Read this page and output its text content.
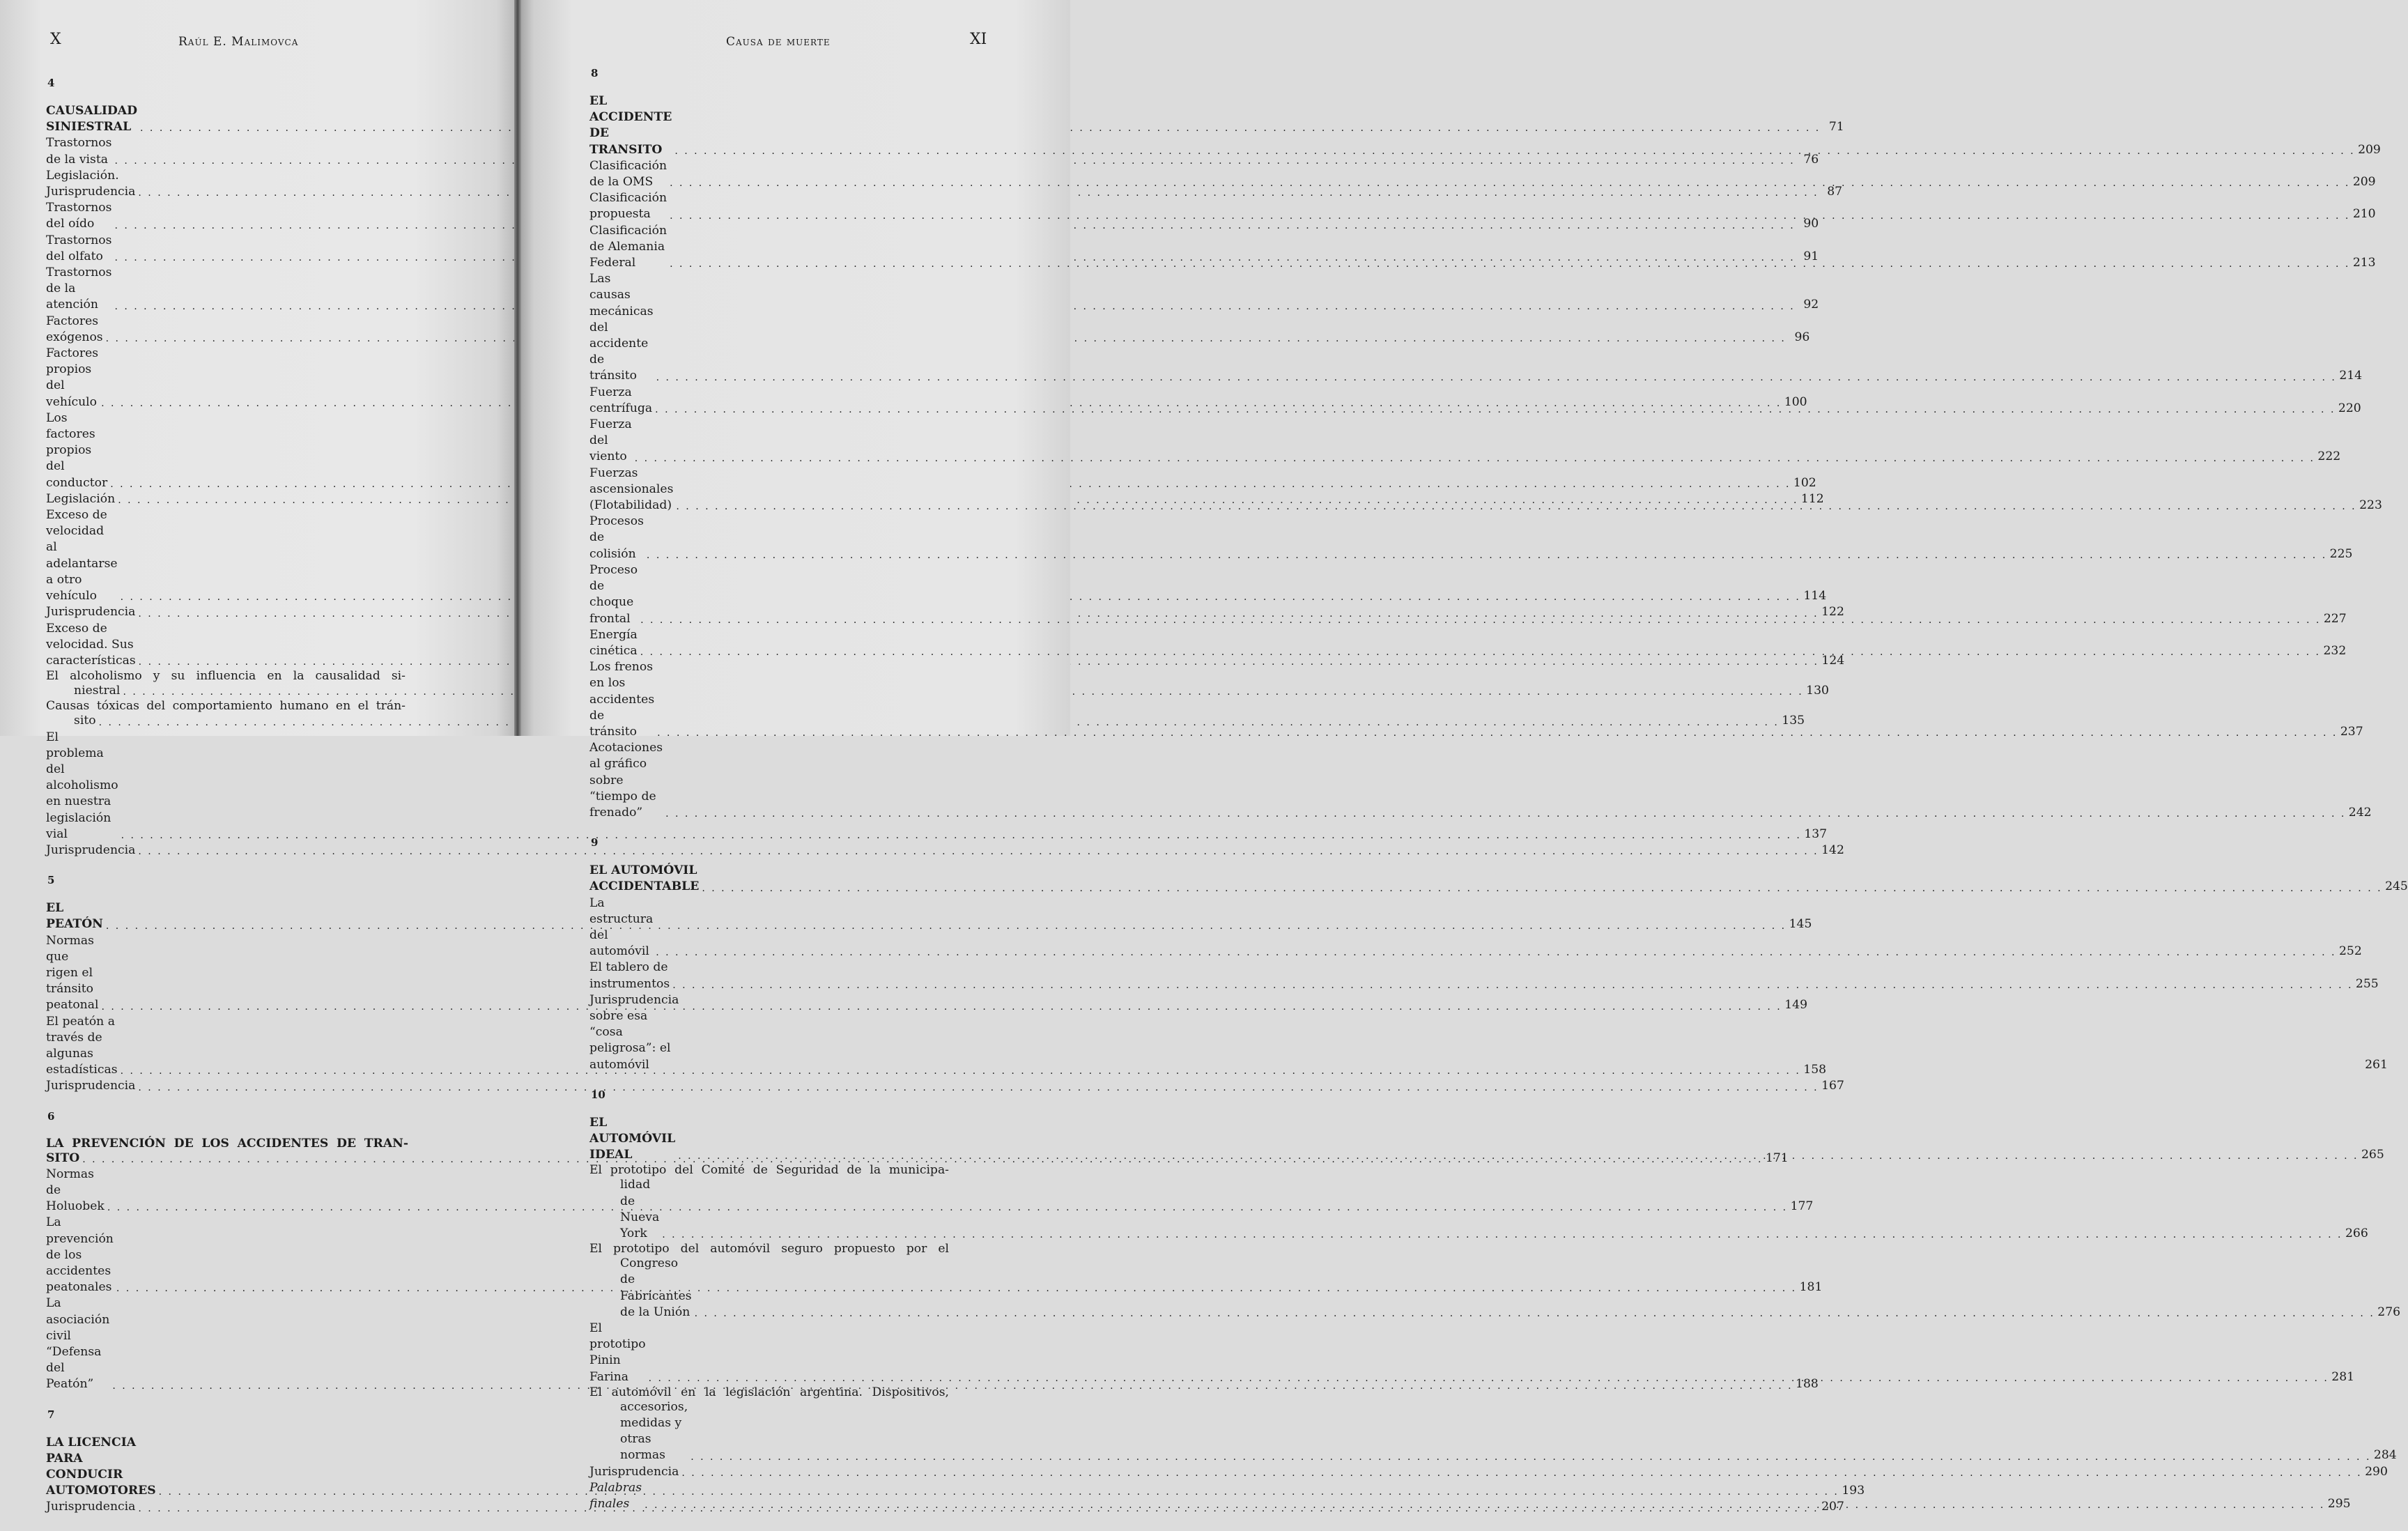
X	Raúl E. Malimovca
4
CAUSALIDAD SINIESTRAL . . .	71
Trastornos de la vista . . .	76
Legislación. Jurisprudencia . . .	87
Trastornos del oído . . .	90
Trastornos del olfato . . .	91
Trastornos de la atención . . .	92
Factores exógenos . . .	96
Factores propios del vehículo . . .	100
Los factores propios del conductor . . .	102
Legislación . . .	112
Exceso de velocidad al adelantarse a otro vehículo . . .	114
Jurisprudencia . . .	122
Exceso de velocidad. Sus características . . .	124
El alcoholismo y su influencia en la causalidad si-
niestral . . .	130
Causas tóxicas del comportamiento humano en el trán-
sito . . .	135
El problema del alcoholismo en nuestra legislación vial . . .	137
Jurisprudencia . . .	142
5
EL PEATÓN . . .	145
Normas que rigen el tránsito peatonal . . .	149
El peatón a través de algunas estadísticas . . .	158
Jurisprudencia . . .	167
6
LA PREVENCIÓN DE LOS ACCIDENTES DE TRAN-
SITO . . .	171
Normas de Holuobek . . .	177
La prevención de los accidentes peatonales . . .	181
La asociación civil “Defensa del Peatón” . . .	188
7
LA LICENCIA PARA CONDUCIR AUTOMOTORES . . .	193
Jurisprudencia . . .	207
Causa de muerte	XI
8
EL ACCIDENTE DE TRANSITO . . .	209
Clasificación de la OMS . . .	209
Clasificación propuesta . . .	210
Clasificación de Alemania Federal . . .	213
Las causas mecánicas del accidente de tránsito . . .	214
Fuerza centrífuga . . .	220
Fuerza del viento . . .	222
Fuerzas ascensionales (Flotabilidad) . . .	223
Procesos de colisión . . .	225
Proceso de choque frontal . . .	227
Energía cinética . . .	232
Los frenos en los accidentes de tránsito . . .	237
Acotaciones al gráfico sobre “tiempo de frenado” . . .	242
9
EL AUTOMÓVIL ACCIDENTABLE . . .	245
La estructura del automóvil . . .	252
El tablero de instrumentos . . .	255
Jurisprudencia sobre esa “cosa peligrosa”: el automóvil	261
10
EL AUTOMÓVIL IDEAL . . .	265
El prototipo del Comité de Seguridad de la municipa-
lidad de Nueva York . . .	266
El prototipo del automóvil seguro propuesto por el
Congreso de Fabricantes de la Unión . . .	276
El prototipo Pinin Farina . . .	281
El automóvil en la legislación argentina. Dispositivos,
accesorios, medidas y otras normas . . .	284
Jurisprudencia . . .	290
Palabras finales . . .	295
